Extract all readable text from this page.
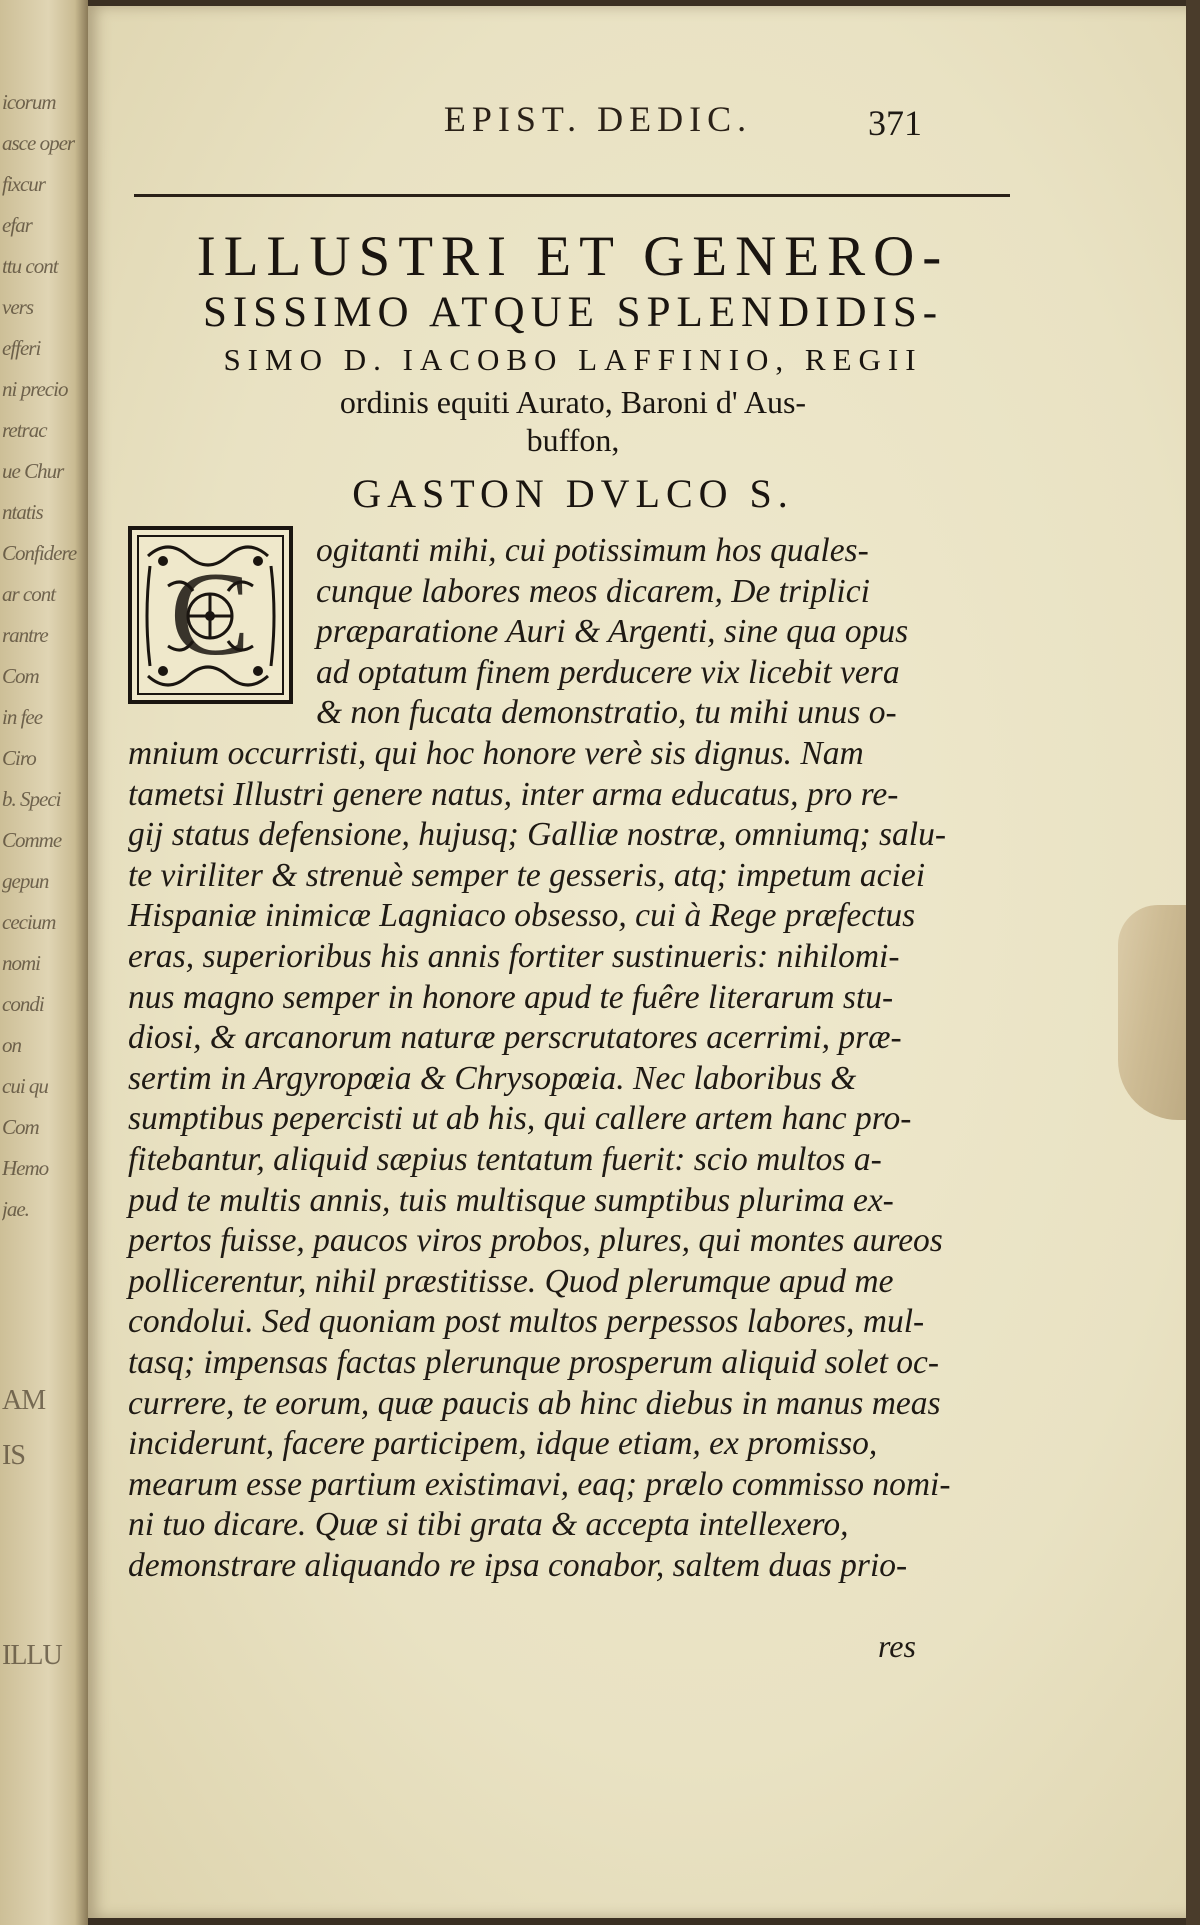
icorum
asce oper
fixcur
efar
ttu cont
vers
efferi
ni precio
retrac
ue Chur
ntatis
Confidere
ar cont
rantre
Com
in fee
Ciro
b. Speci
Comme
gepun
cecium
nomi
condi
on
cui qu
Com
Hemo
jae.
AM
IS
ILLU
EPIST. DEDIC.	371
ILLUSTRI ET GENERO-
SISSIMO ATQUE SPLENDIDIS-
SIMO D. IACOBO LAFFINIO, REGII
ordinis equiti Aurato, Baroni d' Aus-
buffon,
GASTON DVLCO S.
C ogitanti mihi, cui potissimum hos quales-
cunque labores meos dicarem, De triplici
præparatione Auri & Argenti, sine qua opus
ad optatum finem perducere vix licebit vera
& non fucata demonstratio, tu mihi unus o-
mnium occurristi, qui hoc honore verè sis dignus. Nam
tametsi Illustri genere natus, inter arma educatus, pro re-
gij status defensione, hujusq; Galliæ nostræ, omniumq; salu-
te viriliter & strenuè semper te gesseris, atq; impetum aciei
Hispaniæ inimicæ Lagniaco obsesso, cui à Rege præfectus
eras, superioribus his annis fortiter sustinueris: nihilomi-
nus magno semper in honore apud te fuêre literarum stu-
diosi, & arcanorum naturæ perscrutatores acerrimi, præ-
sertim in Argyropœia & Chrysopœia. Nec laboribus &
sumptibus pepercisti ut ab his, qui callere artem hanc pro-
fitebantur, aliquid sæpius tentatum fuerit: scio multos a-
pud te multis annis, tuis multisque sumptibus plurima ex-
pertos fuisse, paucos viros probos, plures, qui montes aureos
pollicerentur, nihil præstitisse. Quod plerumque apud me
condolui. Sed quoniam post multos perpessos labores, mul-
tasq; impensas factas plerunque prosperum aliquid solet oc-
currere, te eorum, quæ paucis ab hinc diebus in manus meas
inciderunt, facere participem, idque etiam, ex promisso,
mearum esse partium existimavi, eaq; prælo commisso nomi-
ni tuo dicare. Quæ si tibi grata & accepta intellexero,
demonstrare aliquando re ipsa conabor, saltem duas prio-
res
